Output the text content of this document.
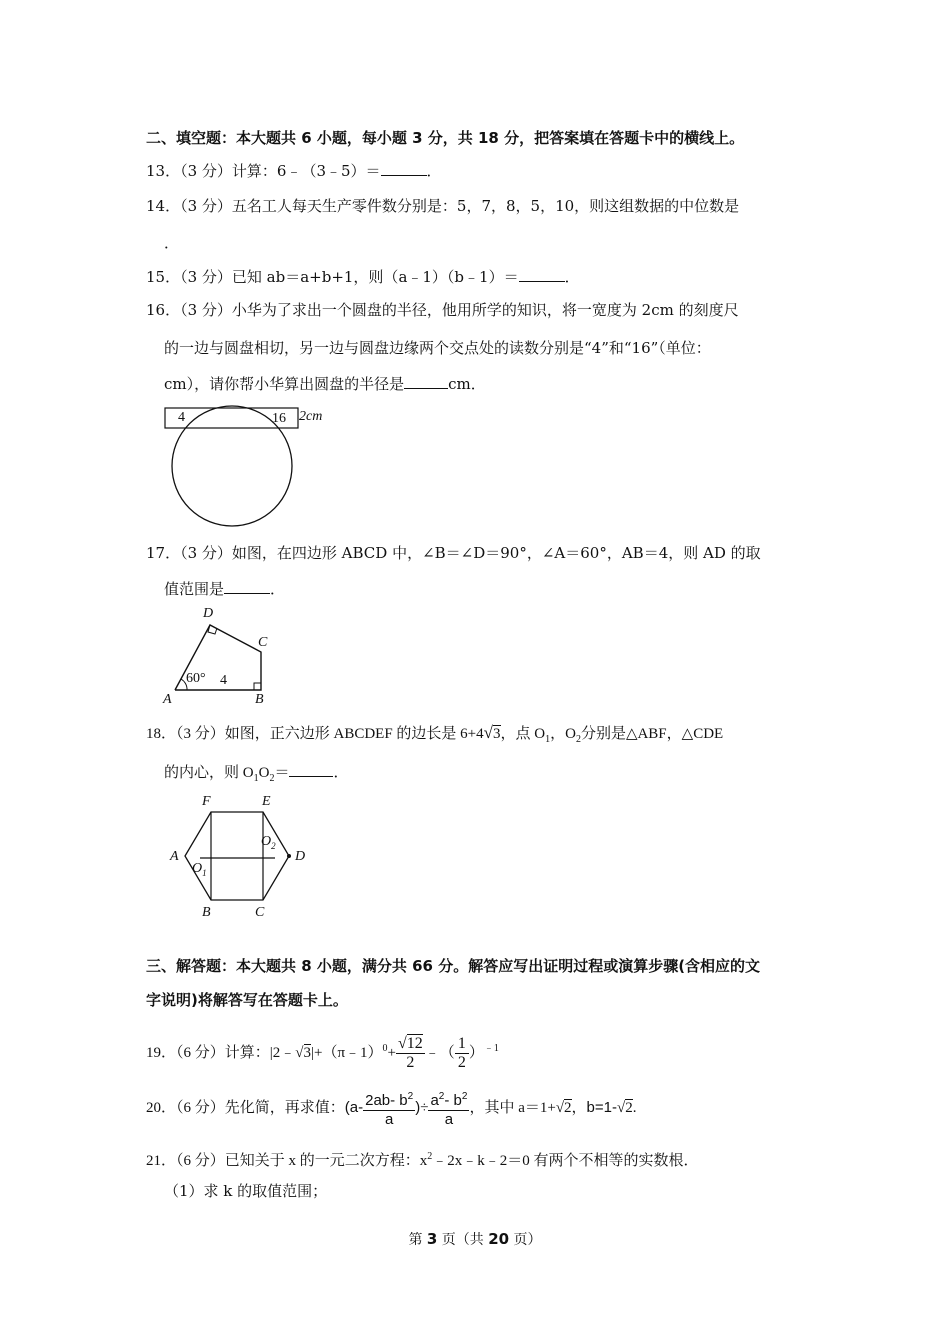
二、填空题：本大题共 6 小题，每小题 3 分，共 18 分，把答案填在答题卡中的横线上。
13．（3 分）计算：6﹣（3﹣5）＝	．
14．（3 分）五名工人每天生产零件数分别是：5，7，8，5，10，则这组数据的中位数是
．
15．（3 分）已知 ab＝a+b+1，则（a﹣1）（b﹣1）＝	．
16．（3 分）小华为了求出一个圆盘的半径，他用所学的知识，将一宽度为 2cm 的刻度尺
的一边与圆盘相切，另一边与圆盘边缘两个交点处的读数分别是“4”和“16”（单位：
cm），请你帮小华算出圆盘的半径是	cm．
4	16 2cm
17．（3 分）如图，在四边形 ABCD 中，∠B＝∠D＝90°，∠A＝60°，AB＝4，则 AD 的取
值范围是	．
D
C
A	B
60° 4
18．（3 分）如图，正六边形 ABCDEF 的边长是 6+4√3，点 $O_1$，$O_2$分别是△ABF，△CDE
的内心，则 $O_1O_2=$	．
F	E
A	D
B	C
$O_1$
$O_2$
三、解答题：本大题共 8 小题，满分共 66 分。解答应写出证明过程或演算步骤(含相应的文
字说明)将解答写在答题卡上。
19．（6 分）计算：|2﹣√3|+（π﹣1）$^0$+ $\frac{√12}{2}$ ﹣（ $\frac{1}{2} )^{﹣1}$
20．（6 分）先化简，再求值：($a- \frac{2ab- b^2}{a}$ )÷ $\frac{a^2- b^2}{a}$ ，其中 a＝1+√2，b=1-√2.
21．（6 分）已知关于 x 的一元二次方程：$x^2﹣2x﹣k﹣2=0$ 有两个不相等的实数根．
（1）求 k 的取值范围；
第 3 页（共 20 页）
